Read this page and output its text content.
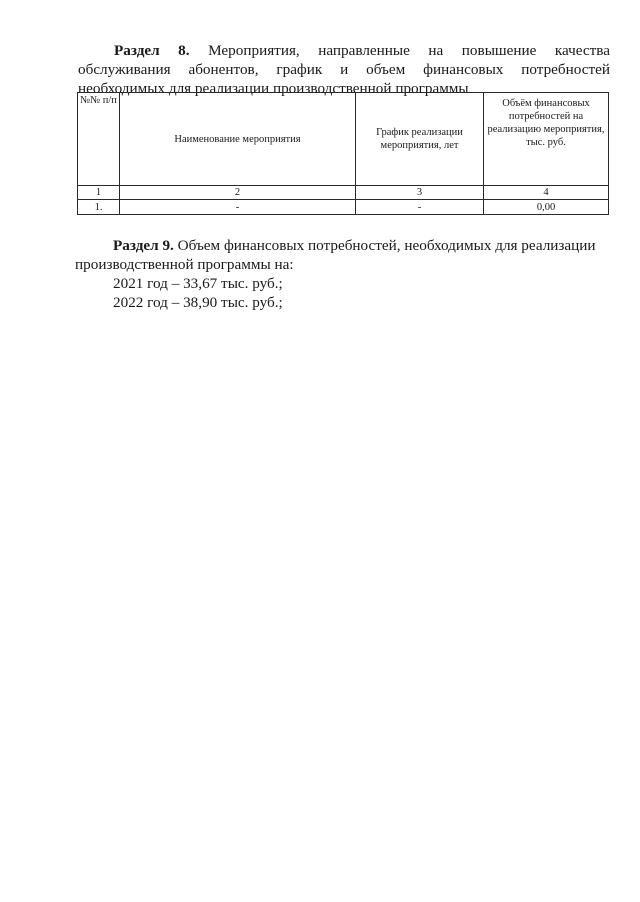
Раздел 8. Мероприятия, направленные на повышение качества обслуживания абонентов, график и объем финансовых потребностей необходимых для реализации производственной программы
№№ п/п	Наименование мероприятия	График реализации мероприятия, лет	Объём финансовых потребностей на реализацию мероприятия, тыс. руб.
1	2	3	4
1.	-	-	0,00

Раздел 9. Объем финансовых потребностей, необходимых для реализации производственной программы на:

2021 год – 33,67 тыс. руб.;

2022 год – 38,90 тыс. руб.;
